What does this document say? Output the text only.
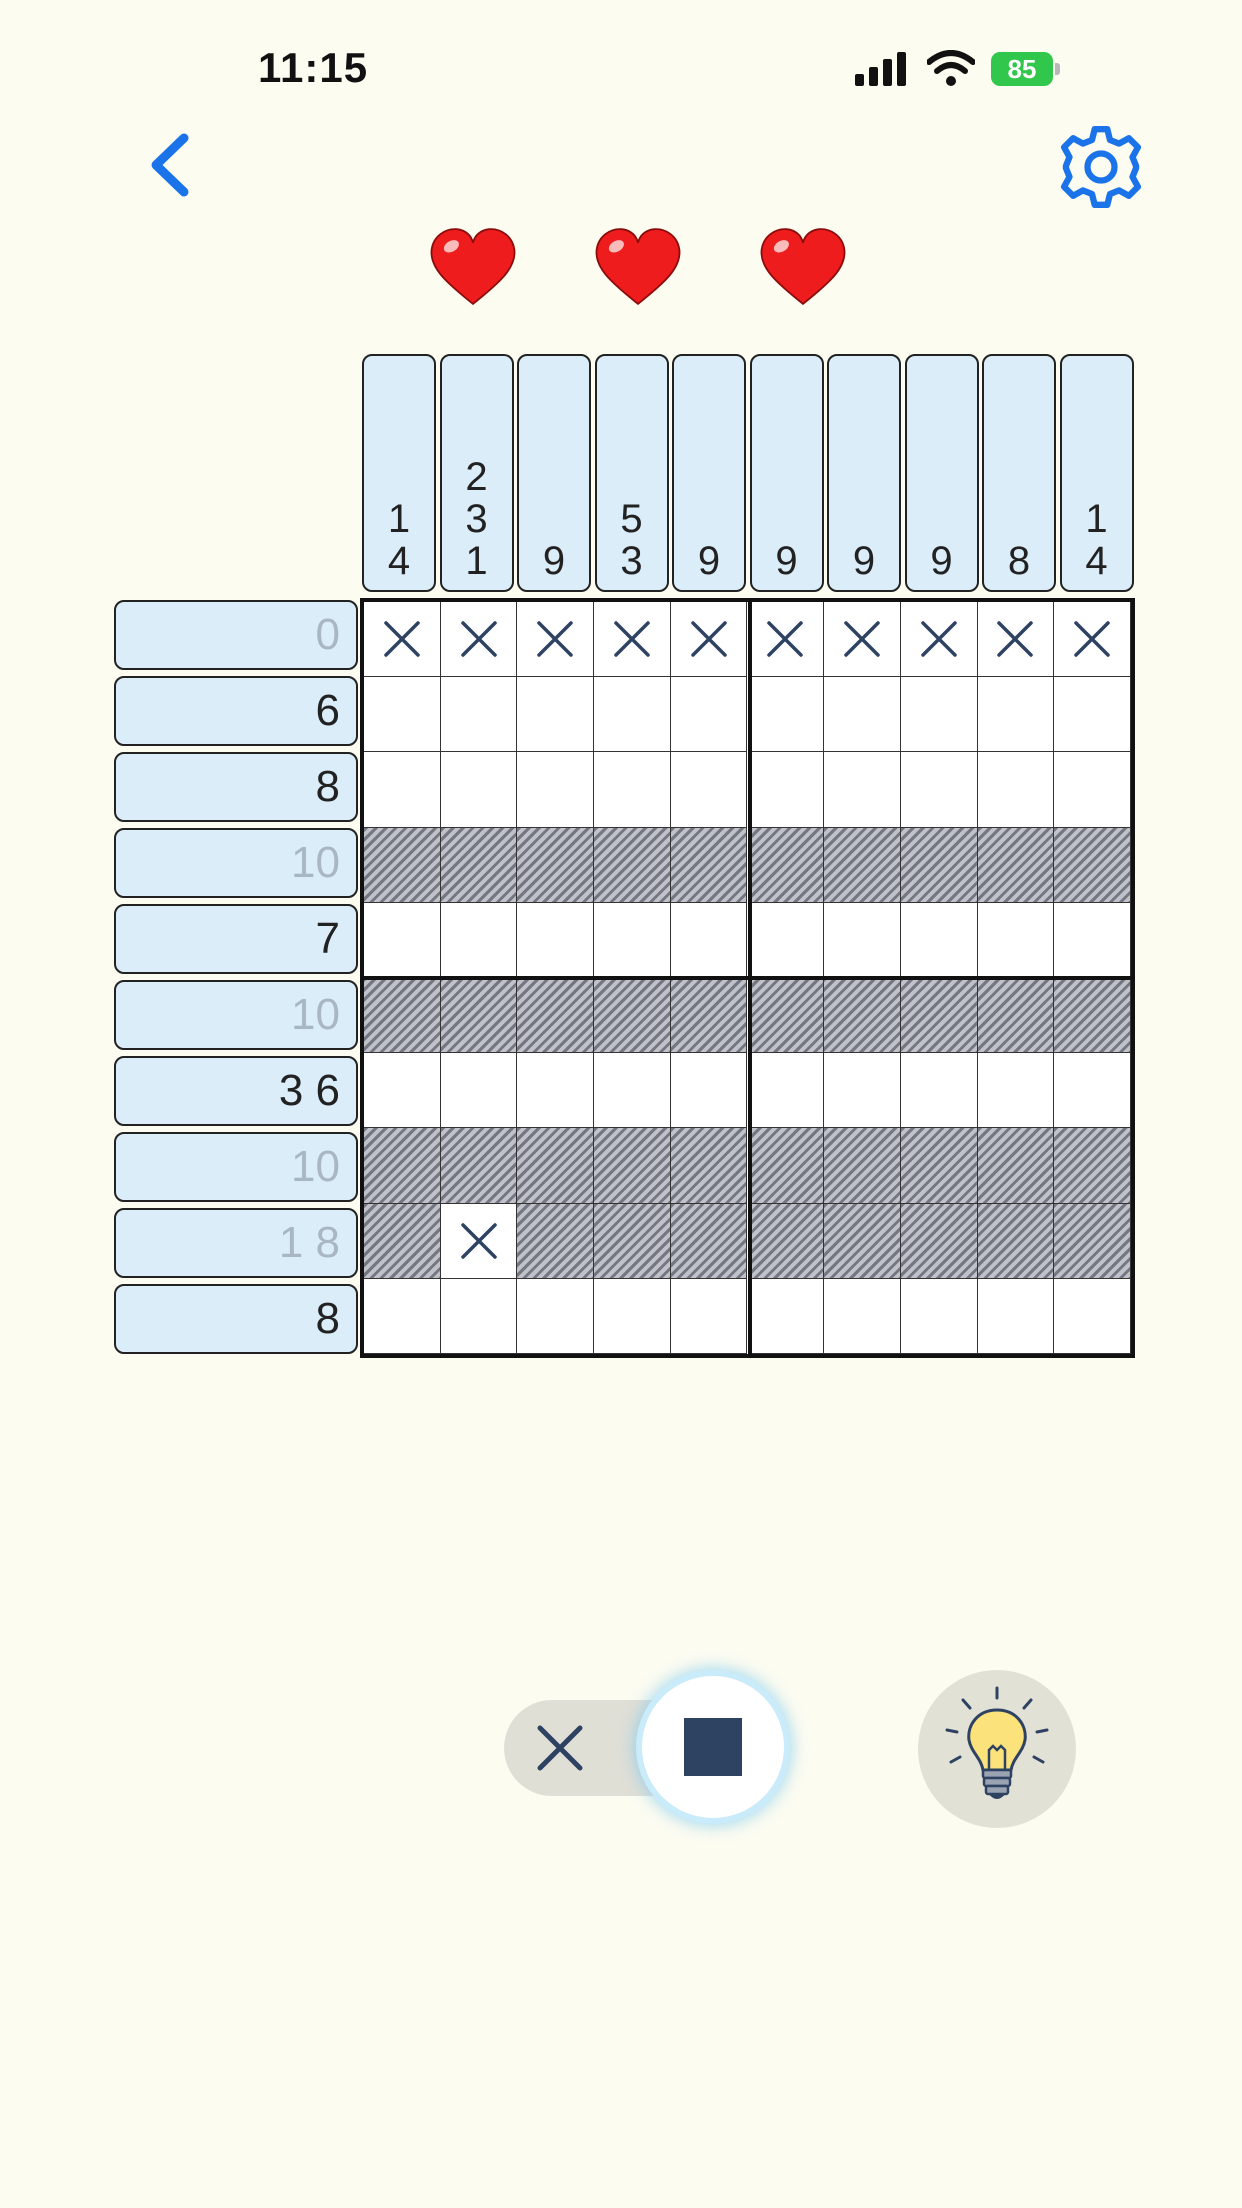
11:15	85
1
4
2
3
1 9
5
3 9 9 9 9 8
1
4
0
6
8
10
7
10
3 6
10
1 8
8
